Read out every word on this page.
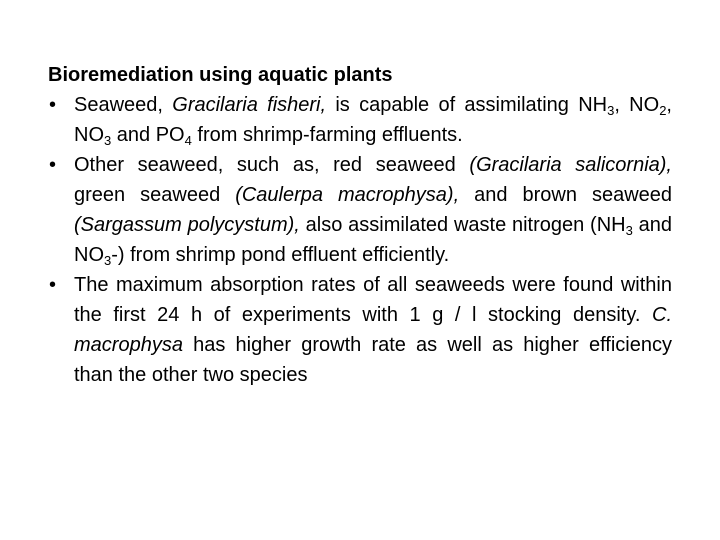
Bioremediation using aquatic plants

• Seaweed, Gracilaria fisheri, is capable of assimilating $NH_3$, $NO_2$, $NO_3$ and $PO_4$ from shrimp-farming effluents.
• Other seaweed, such as, red seaweed (Gracilaria salicornia), green seaweed (Caulerpa macrophysa), and brown seaweed (Sargassum polycystum), also assimilated waste nitrogen ($NH_3$ and $NO_3-$) from shrimp pond effluent efficiently.
• The maximum absorption rates of all seaweeds were found within the first 24 h of experiments with 1 g / l stocking density. C. macrophysa has higher growth rate as well as higher efficiency than the other two species
